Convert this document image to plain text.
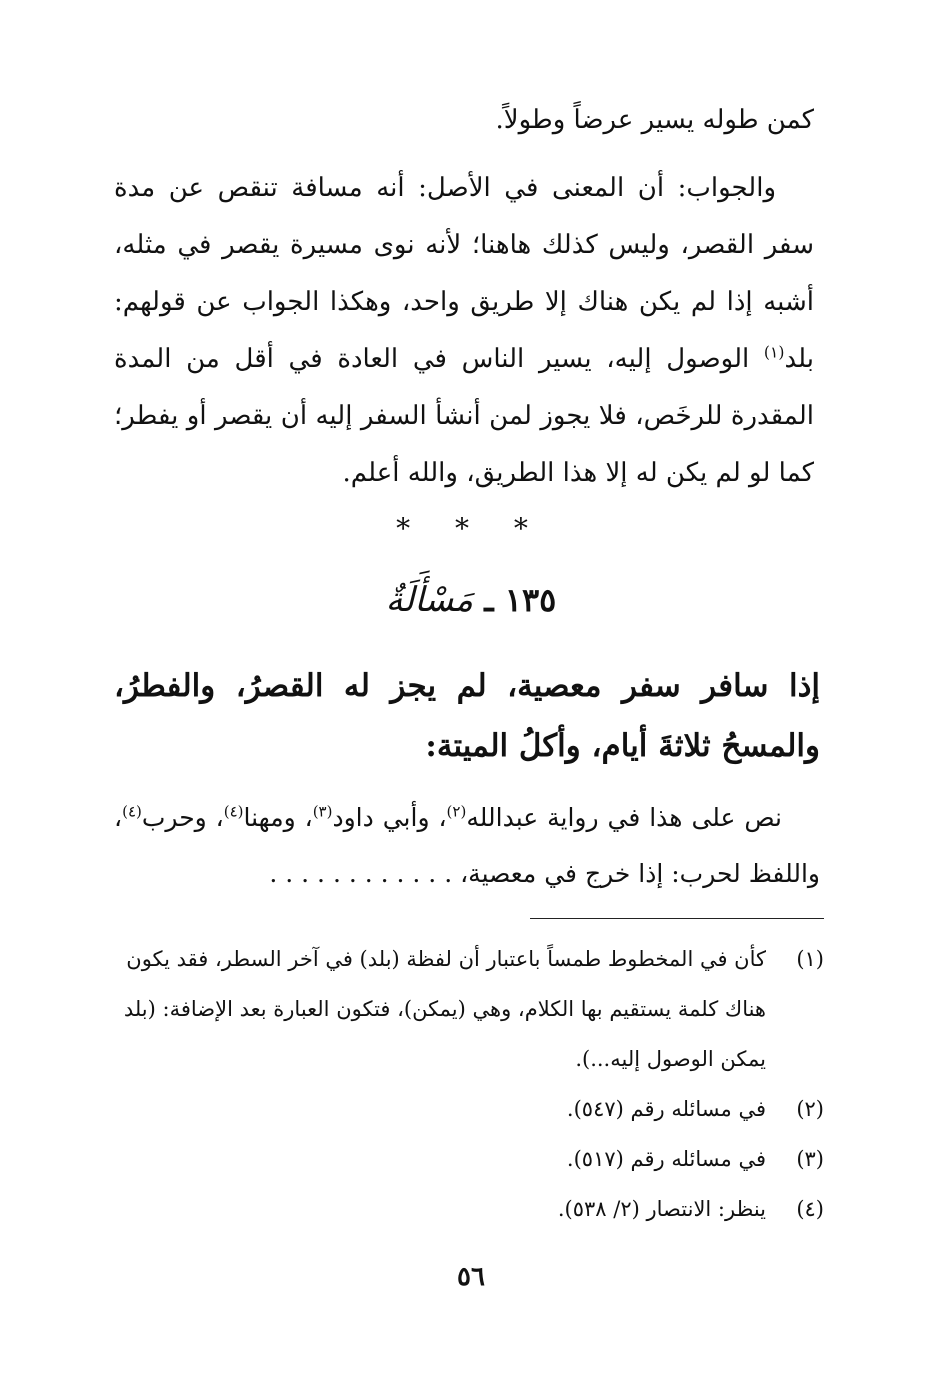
كمن طوله يسير عرضاً وطولاً.

والجواب: أن المعنى في الأصل: أنه مسافة تنقص عن مدة سفر القصر، وليس كذلك هاهنا؛ لأنه نوى مسيرة يقصر في مثله، أشبه إذا لم يكن هناك إلا طريق واحد، وهكذا الجواب عن قولهم: بلد$^{(١)}$ الوصول إليه، يسير الناس في العادة في أقل من المدة المقدرة للرخَص، فلا يجوز لمن أنشأ السفر إليه أن يقصر أو يفطر؛ كما لو لم يكن له إلا هذا الطريق، والله أعلم.

* * *
١٣٥ ـ مَسْأَلَةٌ

إذا سافر سفر معصية، لم يجز له القصرُ، والفطرُ، والمسحُ ثلاثةَ أيام، وأكلُ الميتة:

نص على هذا في رواية عبدالله$^{(٢)}$، وأبي داود$^{(٣)}$، ومهنا$^{(٤)}$، وحرب$^{(٤)}$، واللفظ لحرب: إذا خرج في معصية، . . . . . . . . . . . .

(١)
كأن في المخطوط طمساً باعتبار أن لفظة (بلد) في آخر السطر، فقد يكون هناك كلمة يستقيم بها الكلام، وهي (يمكن)، فتكون العبارة بعد الإضافة: (بلد يمكن الوصول إليه...).
(٢)
في مسائله رقم (٥٤٧).
(٣)
في مسائله رقم (٥١٧).
(٤)
ينظر: الانتصار (٢/ ٥٣٨).
٥٦
